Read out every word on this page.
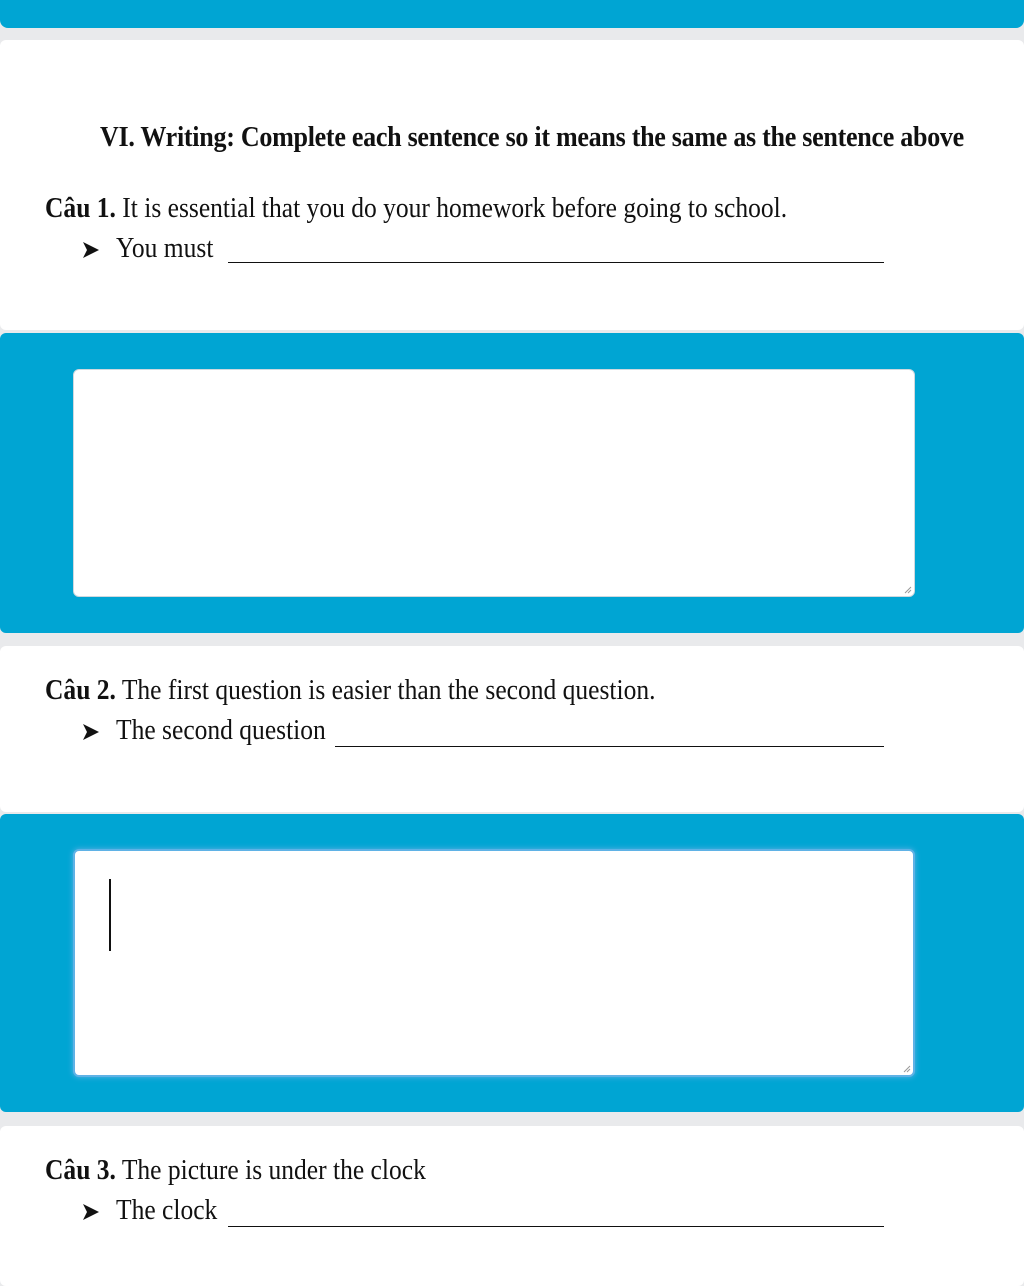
VI. Writing: Complete each sentence so it means the same as the sentence above
Câu 1. It is essential that you do your homework before going to school.
You must
Câu 2. The first question is easier than the second question.
The second question
Câu 3. The picture is under the clock
The clock
